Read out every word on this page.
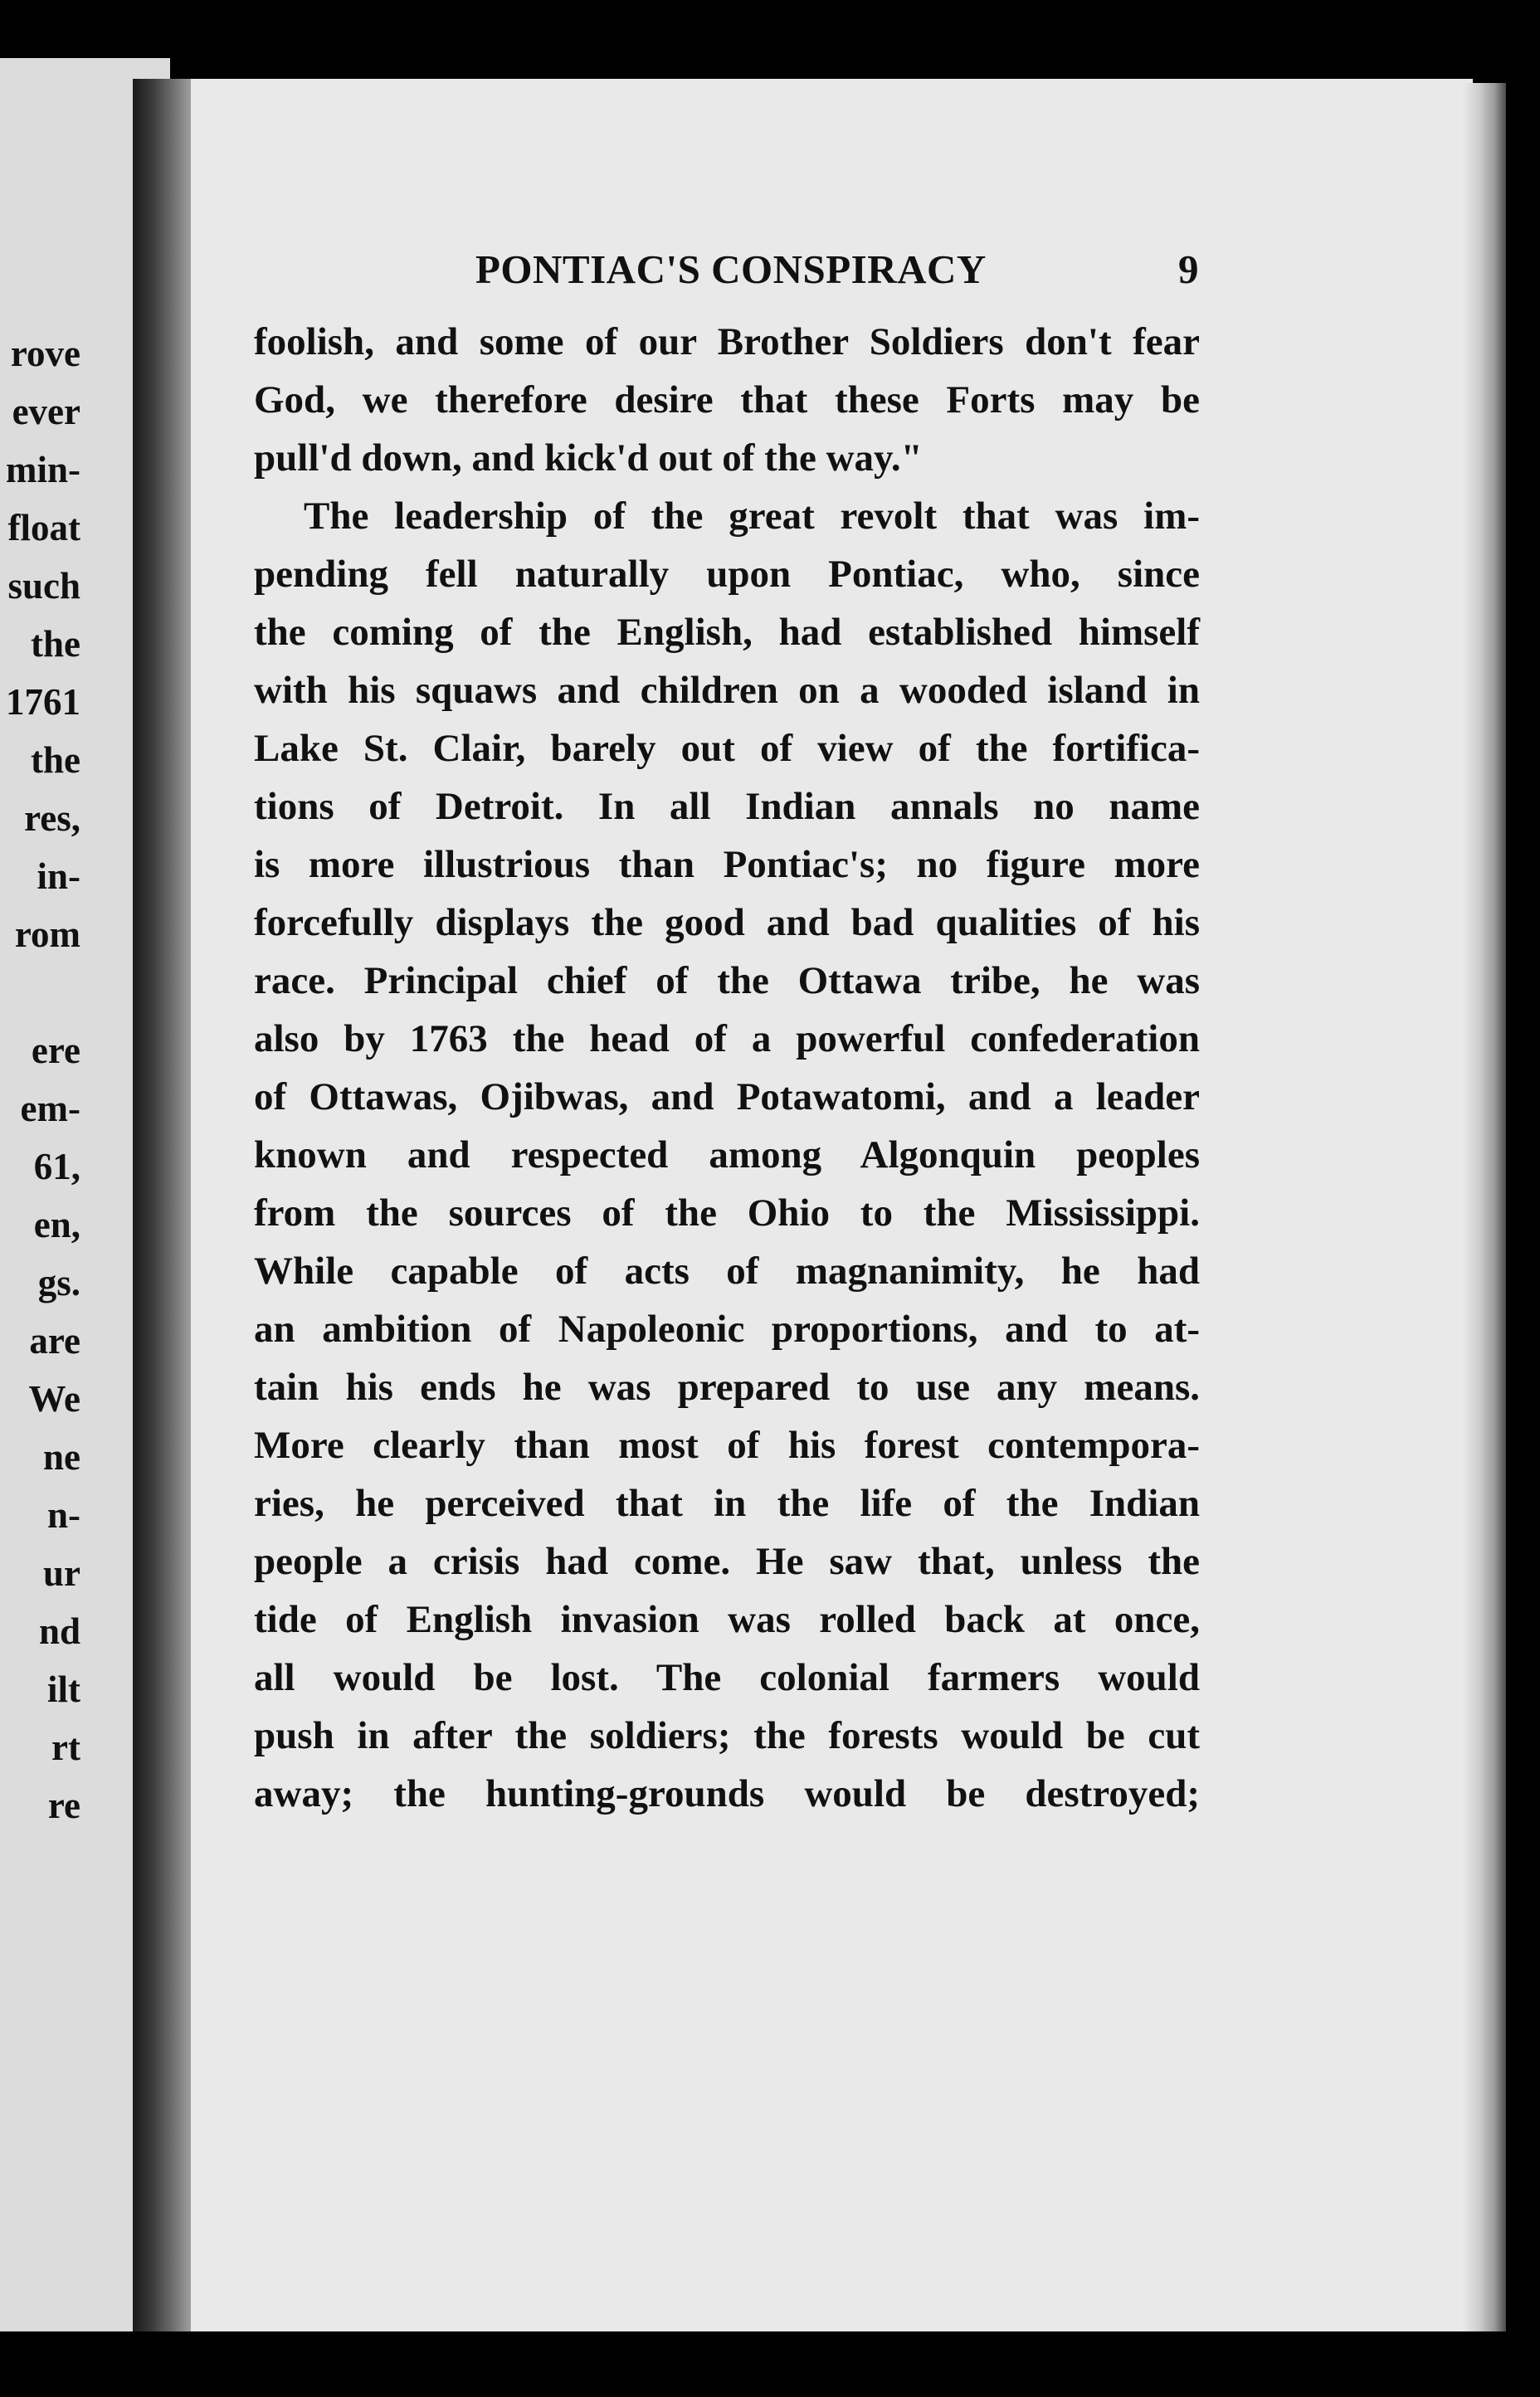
rove
ever
min-
float
such
the
1761
the
res,
in-
rom
ere
em-
61,
en,
gs.
are
We
ne
n-
ur
nd
ilt
rt
re
PONTIAC'S CONSPIRACY	9
foolish, and some of our Brother Soldiers don't fear
God, we therefore desire that these Forts may be
pull'd down, and kick'd out of the way."
The leadership of the great revolt that was im-
pending fell naturally upon Pontiac, who, since
the coming of the English, had established himself
with his squaws and children on a wooded island in
Lake St. Clair, barely out of view of the fortifica-
tions of Detroit. In all Indian annals no name
is more illustrious than Pontiac's; no figure more
forcefully displays the good and bad qualities of his
race. Principal chief of the Ottawa tribe, he was
also by 1763 the head of a powerful confederation
of Ottawas, Ojibwas, and Potawatomi, and a leader
known and respected among Algonquin peoples
from the sources of the Ohio to the Mississippi.
While capable of acts of magnanimity, he had
an ambition of Napoleonic proportions, and to at-
tain his ends he was prepared to use any means.
More clearly than most of his forest contempora-
ries, he perceived that in the life of the Indian
people a crisis had come. He saw that, unless the
tide of English invasion was rolled back at once,
all would be lost. The colonial farmers would
push in after the soldiers; the forests would be cut
away; the hunting-grounds would be destroyed;
